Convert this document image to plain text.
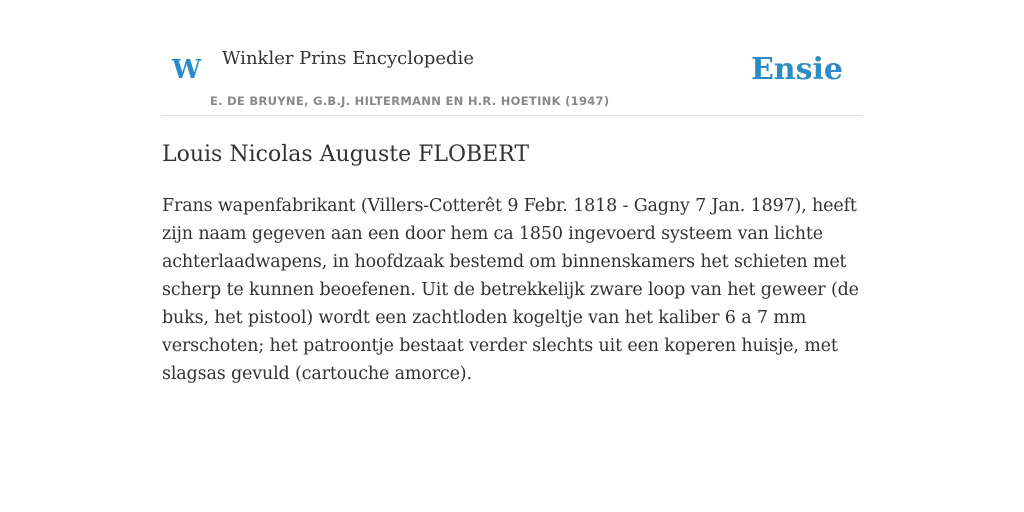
W Winkler Prins Encyclopedie
E. DE BRUYNE, G.B.J. HILTERMANN EN H.R. HOETINK (1947)
Ensie
Louis Nicolas Auguste FLOBERT

Frans wapenfabrikant (Villers-Cotterêt 9 Febr. 1818 - Gagny 7 Jan. 1897), heeft zijn naam gegeven aan een door hem ca 1850 ingevoerd systeem van lichte achterlaadwapens, in hoofdzaak bestemd om binnenskamers het schieten met scherp te kunnen beoefenen. Uit de betrekkelijk zware loop van het geweer (de buks, het pistool) wordt een zachtloden kogeltje van het kaliber 6 a 7 mm verschoten; het patroontje bestaat verder slechts uit een koperen huisje, met slagsas gevuld (cartouche amorce).
